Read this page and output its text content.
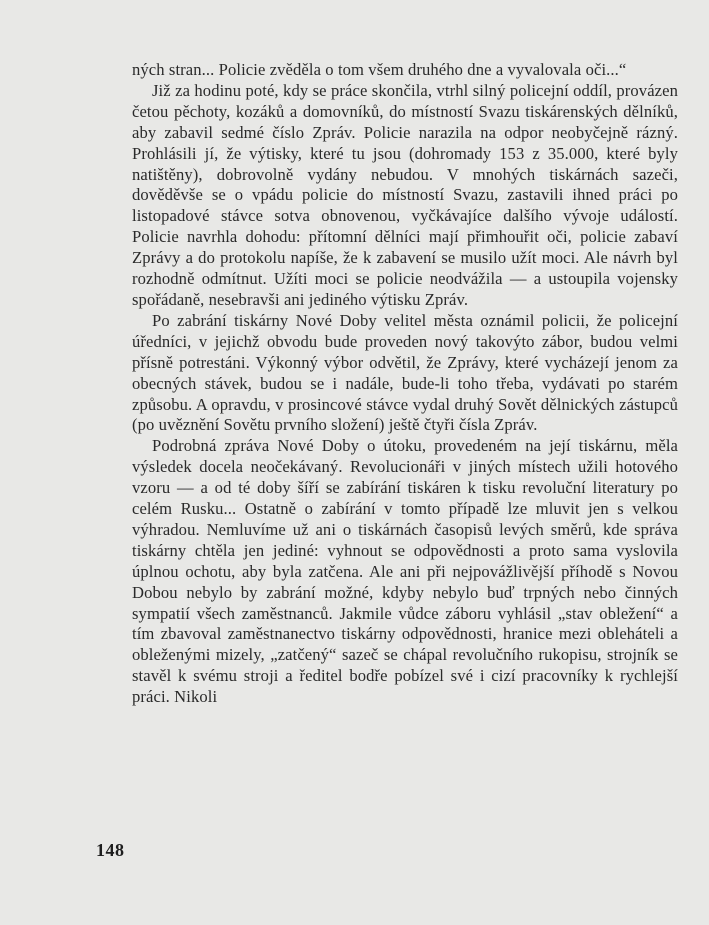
ných stran... Policie zvěděla o tom všem druhého dne a vyvalovala oči...“

Již za hodinu poté, kdy se práce skončila, vtrhl silný policejní oddíl, provázen četou pěchoty, kozáků a domovníků, do místností Svazu tiskárenských dělníků, aby zabavil sedmé číslo Zpráv. Policie narazila na odpor neobyčejně rázný. Prohlásili jí, že výtisky, které tu jsou (dohromady 153 z 35.000, které byly natištěny), dobrovolně vydány nebudou. V mnohých tiskárnách sazeči, dověděvše se o vpádu policie do místností Svazu, zastavili ihned práci po listopadové stávce sotva obnovenou, vyčkávajíce dalšího vývoje událostí. Policie navrhla dohodu: přítomní dělníci mají přimhouřit oči, policie zabaví Zprávy a do protokolu napíše, že k zabavení se musilo užít moci. Ale návrh byl rozhodně odmítnut. Užíti moci se policie neodvážila — a ustoupila vojensky spořádaně, nesebravši ani jediného výtisku Zpráv.

Po zabrání tiskárny Nové Doby velitel města oznámil policii, že policejní úředníci, v jejichž obvodu bude proveden nový takovýto zábor, budou velmi přísně potrestáni. Výkonný výbor odvětil, že Zprávy, které vycházejí jenom za obecných stávek, budou se i nadále, bude-li toho třeba, vydávati po starém způsobu. A opravdu, v prosincové stávce vydal druhý Sovět dělnických zástupců (po uvěznění Sovětu prvního složení) ještě čtyři čísla Zpráv.

Podrobná zpráva Nové Doby o útoku, provedeném na její tiskárnu, měla výsledek docela neočekávaný. Revolucionáři v jiných místech užili hotového vzoru — a od té doby šíří se zabírání tiskáren k tisku revoluční literatury po celém Rusku... Ostatně o zabírání v tomto případě lze mluvit jen s velkou výhradou. Nemluvíme už ani o tiskárnách časopisů levých směrů, kde správa tiskárny chtěla jen jediné: vyhnout se odpovědnosti a proto sama vyslovila úplnou ochotu, aby byla zatčena. Ale ani při nejpovážlivější příhodě s Novou Dobou nebylo by zabrání možné, kdyby nebylo buď trpných nebo činných sympatií všech zaměstnanců. Jakmile vůdce záboru vyhlásil „stav obležení“ a tím zbavoval zaměstnanectvo tiskárny odpovědnosti, hranice mezi obleháteli a obleženými mizely, „zatčený“ sazeč se chápal revolučního rukopisu, strojník se stavěl k svému stroji a ředitel bodře pobízel své i cizí pracovníky k rychlejší práci. Nikoli

148
